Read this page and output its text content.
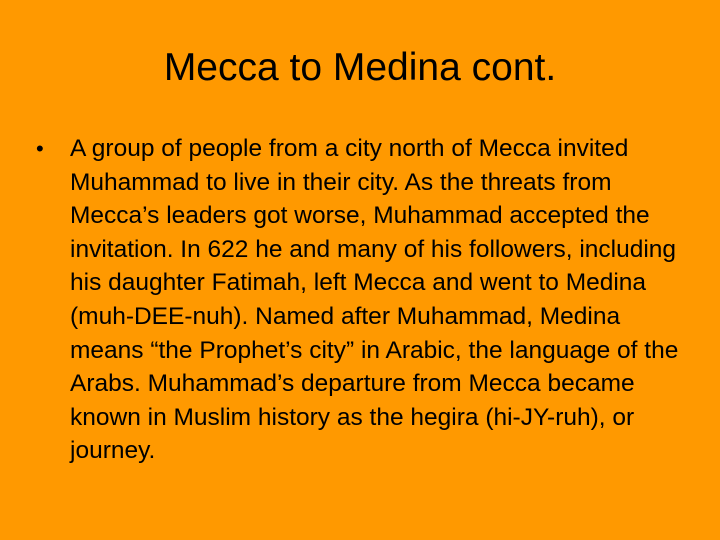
Mecca to Medina cont.
• A group of people from a city north of Mecca invited Muhammad to live in their city. As the threats from Mecca’s leaders got worse, Muhammad accepted the invitation. In 622 he and many of his followers, including his daughter Fatimah, left Mecca and went to Medina (muh-DEE-nuh). Named after Muhammad, Medina means “the Prophet’s city” in Arabic, the language of the Arabs. Muhammad’s departure from Mecca became known in Muslim history as the hegira (hi-JY-ruh), or journey.
